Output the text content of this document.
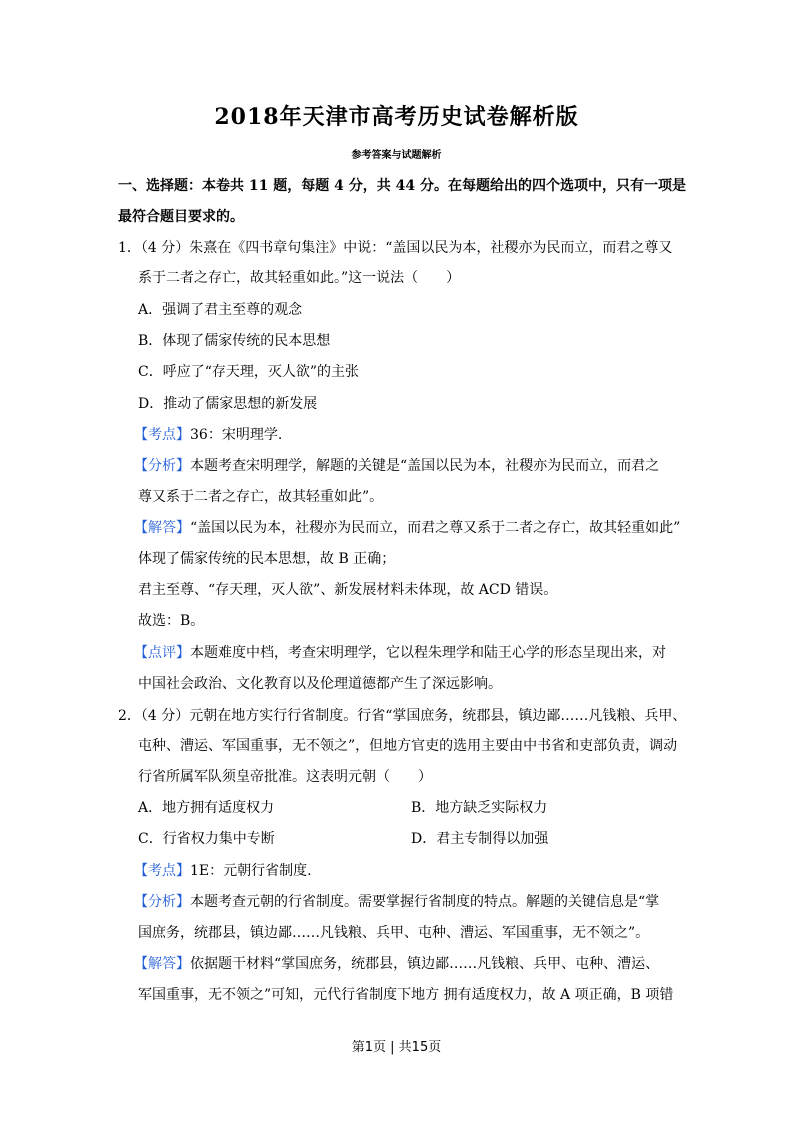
2018年天津市高考历史试卷解析版
参考答案与试题解析
一、选择题：本卷共 11 题，每题 4 分，共 44 分。在每题给出的四个选项中，只有一项是
最符合题目要求的。
1．（4 分）朱熹在《四书章句集注》中说：“盖国以民为本，社稷亦为民而立，而君之尊又
系于二者之存亡，故其轻重如此。”这一说法（　　）
A．强调了君主至尊的观念
B．体现了儒家传统的民本思想
C．呼应了“存天理，灭人欲”的主张
D．推动了儒家思想的新发展
【考点】36：宋明理学.
【分析】本题考查宋明理学，解题的关键是“盖国以民为本，社稷亦为民而立，而君之
尊又系于二者之存亡，故其轻重如此”。
【解答】“盖国以民为本，社稷亦为民而立，而君之尊又系于二者之存亡，故其轻重如此”
体现了儒家传统的民本思想，故 B 正确；
君主至尊、“存天理，灭人欲”、新发展材料未体现，故 ACD 错误。
故选：B。
【点评】本题难度中档，考查宋明理学，它以程朱理学和陆王心学的形态呈现出来，对
中国社会政治、文化教育以及伦理道德都产生了深远影响。
2．（4 分）元朝在地方实行行省制度。行省“掌国庶务，统郡县，镇边鄙……凡钱粮、兵甲、
屯种、漕运、军国重事，无不领之”，但地方官吏的选用主要由中书省和吏部负责，调动
行省所属军队须皇帝批准。这表明元朝（　　）
A．地方拥有适度权力	B．地方缺乏实际权力
C．行省权力集中专断	D．君主专制得以加强
【考点】1E：元朝行省制度.
【分析】本题考查元朝的行省制度。需要掌握行省制度的特点。解题的关键信息是“掌
国庶务，统郡县，镇边鄙……凡钱粮、兵甲、屯种、漕运、军国重事，无不领之”。
【解答】依据题干材料“掌国庶务，统郡县，镇边鄙……凡钱粮、兵甲、屯种、漕运、
军国重事，无不领之”可知，元代行省制度下地方 拥有适度权力，故 A 项正确，B 项错
第1页 | 共15页
